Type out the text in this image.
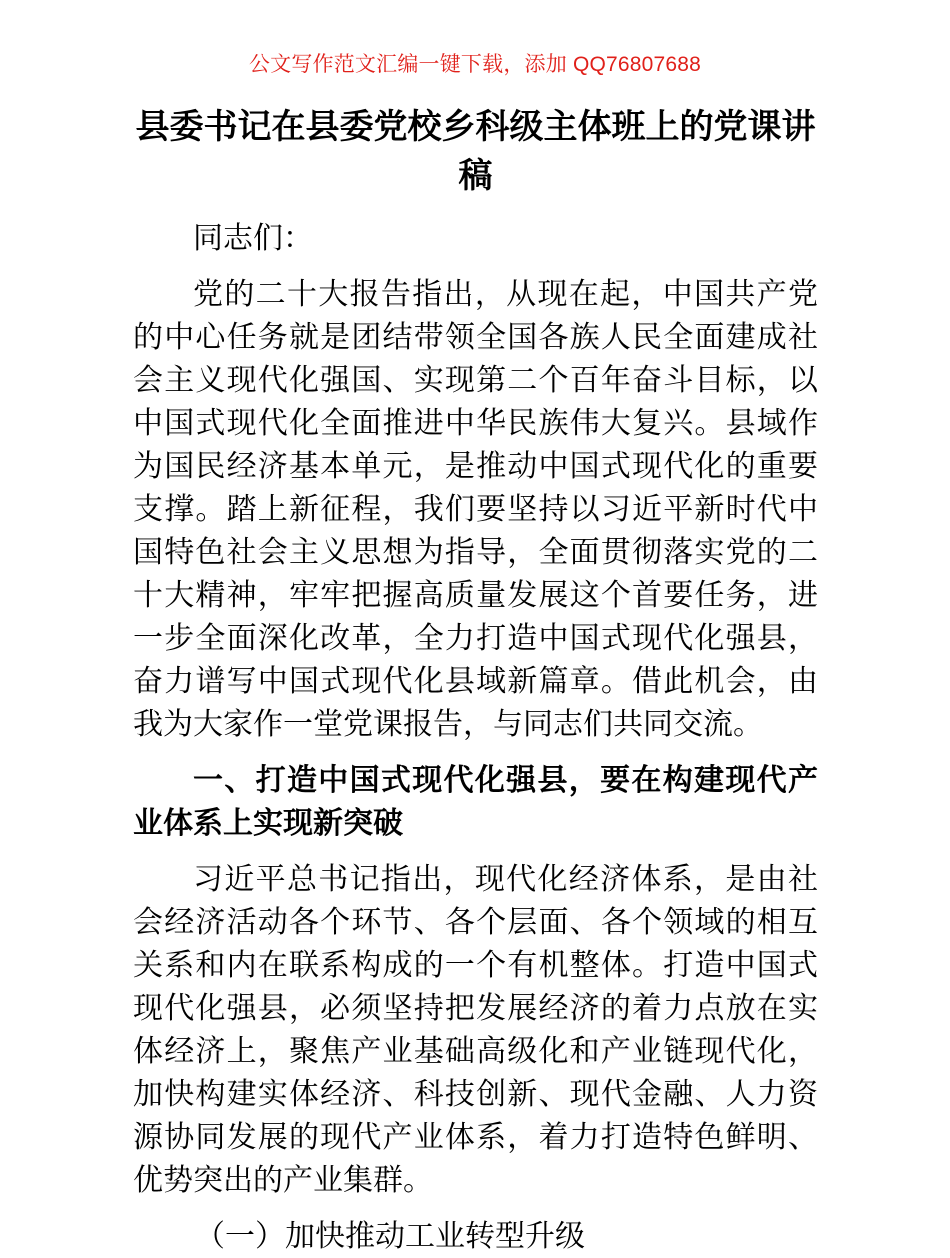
公文写作范文汇编一键下载，添加 QQ76807688
县委书记在县委党校乡科级主体班上的党课讲稿

同志们：

党的二十大报告指出，从现在起，中国共产党的中心任务就是团结带领全国各族人民全面建成社会主义现代化强国、实现第二个百年奋斗目标，以中国式现代化全面推进中华民族伟大复兴。县域作为国民经济基本单元，是推动中国式现代化的重要支撑。踏上新征程，我们要坚持以习近平新时代中国特色社会主义思想为指导，全面贯彻落实党的二十大精神，牢牢把握高质量发展这个首要任务，进一步全面深化改革，全力打造中国式现代化强县，奋力谱写中国式现代化县域新篇章。借此机会，由我为大家作一堂党课报告，与同志们共同交流。

一、打造中国式现代化强县，要在构建现代产业体系上实现新突破

习近平总书记指出，现代化经济体系，是由社会经济活动各个环节、各个层面、各个领域的相互关系和内在联系构成的一个有机整体。打造中国式现代化强县，必须坚持把发展经济的着力点放在实体经济上，聚焦产业基础高级化和产业链现代化，加快构建实体经济、科技创新、现代金融、人力资源协同发展的现代产业体系，着力打造特色鲜明、优势突出的产业集群。

（一）加快推动工业转型升级
